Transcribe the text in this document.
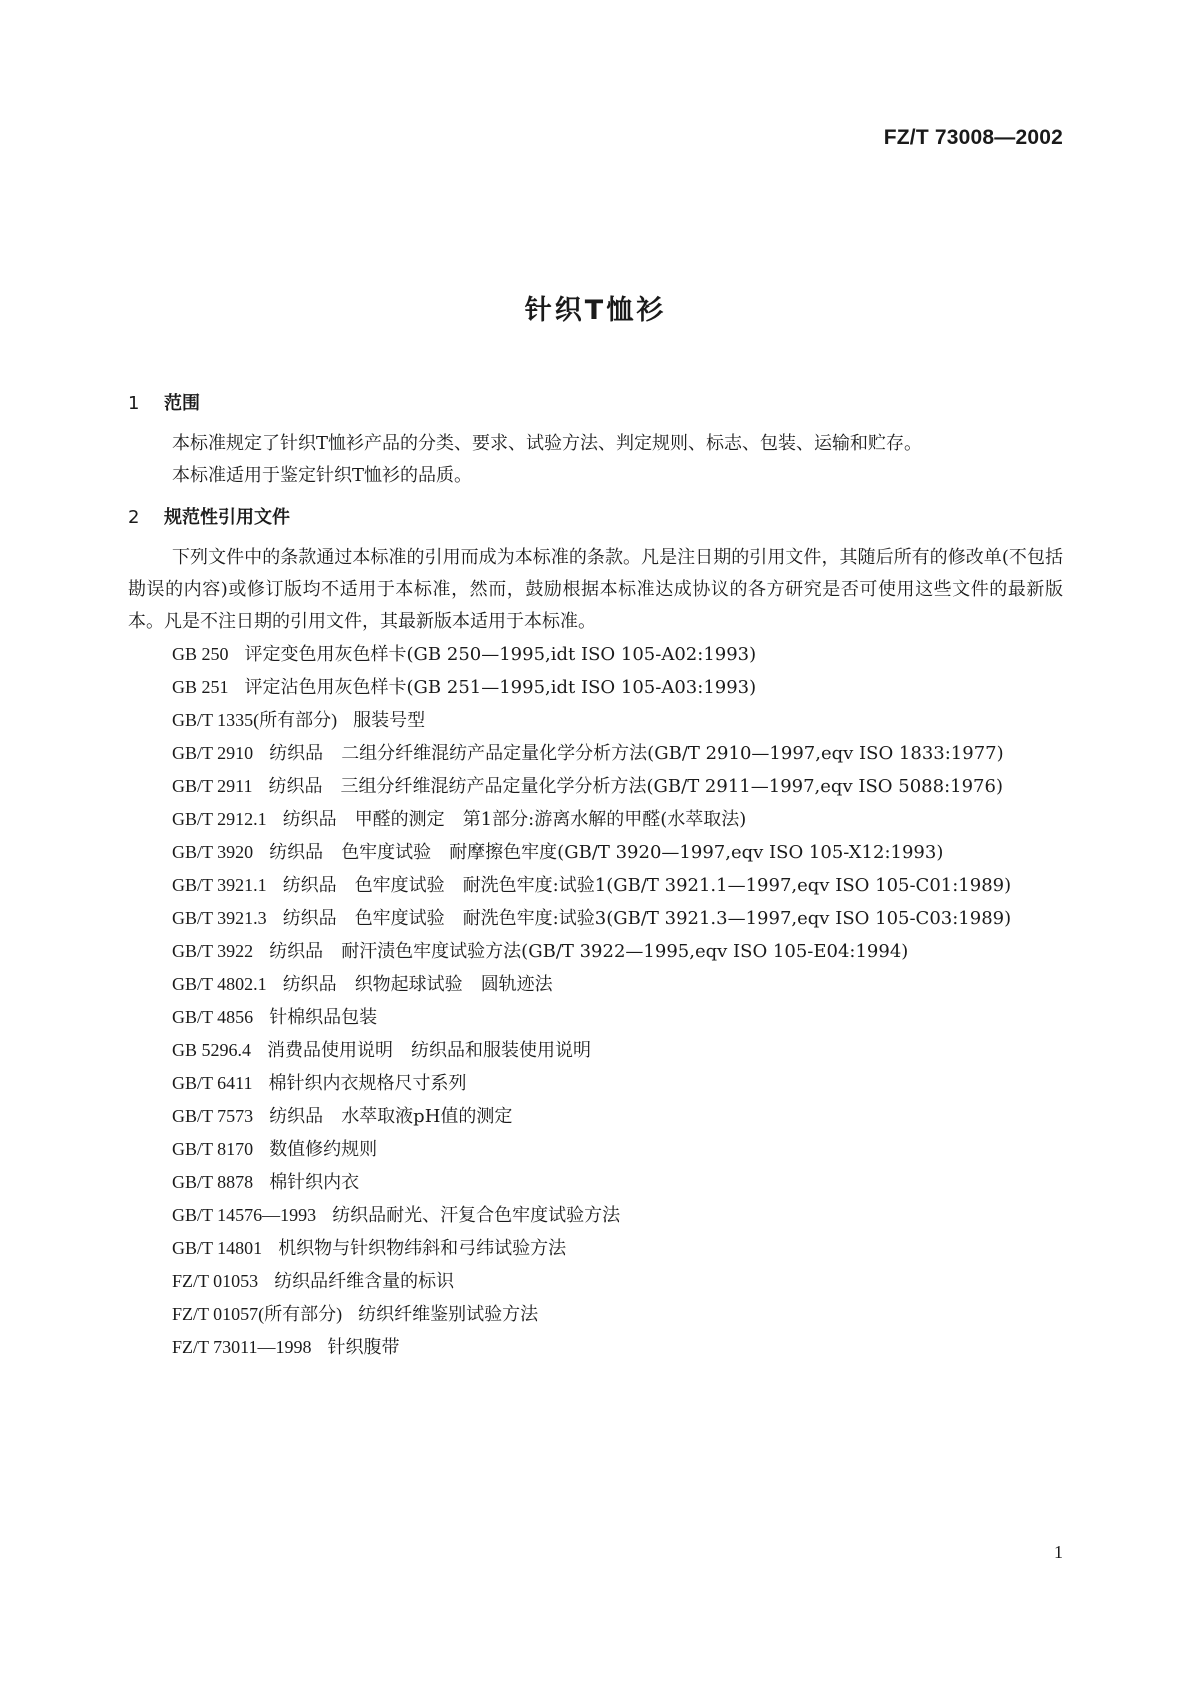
FZ/T 73008—2002
针织T恤衫
1 范围

本标准规定了针织T恤衫产品的分类、要求、试验方法、判定规则、标志、包装、运输和贮存。

本标准适用于鉴定针织T恤衫的品质。

2 规范性引用文件

下列文件中的条款通过本标准的引用而成为本标准的条款。凡是注日期的引用文件，其随后所有的修改单(不包括勘误的内容)或修订版均不适用于本标准，然而，鼓励根据本标准达成协议的各方研究是否可使用这些文件的最新版本。凡是不注日期的引用文件，其最新版本适用于本标准。

GB 250 评定变色用灰色样卡(GB 250—1995,idt ISO 105-A02:1993)

GB 251 评定沾色用灰色样卡(GB 251—1995,idt ISO 105-A03:1993)

GB/T 1335(所有部分) 服装号型

GB/T 2910 纺织品 二组分纤维混纺产品定量化学分析方法(GB/T 2910—1997,eqv ISO 1833:1977)

GB/T 2911 纺织品 三组分纤维混纺产品定量化学分析方法(GB/T 2911—1997,eqv ISO 5088:1976)

GB/T 2912.1 纺织品 甲醛的测定 第1部分:游离水解的甲醛(水萃取法)

GB/T 3920 纺织品 色牢度试验 耐摩擦色牢度(GB/T 3920—1997,eqv ISO 105-X12:1993)

GB/T 3921.1 纺织品 色牢度试验 耐洗色牢度:试验1(GB/T 3921.1—1997,eqv ISO 105-C01:1989)

GB/T 3921.3 纺织品 色牢度试验 耐洗色牢度:试验3(GB/T 3921.3—1997,eqv ISO 105-C03:1989)

GB/T 3922 纺织品 耐汗渍色牢度试验方法(GB/T 3922—1995,eqv ISO 105-E04:1994)

GB/T 4802.1 纺织品 织物起球试验 圆轨迹法

GB/T 4856 针棉织品包装

GB 5296.4 消费品使用说明 纺织品和服装使用说明

GB/T 6411 棉针织内衣规格尺寸系列

GB/T 7573 纺织品 水萃取液pH值的测定

GB/T 8170 数值修约规则

GB/T 8878 棉针织内衣

GB/T 14576—1993 纺织品耐光、汗复合色牢度试验方法

GB/T 14801 机织物与针织物纬斜和弓纬试验方法

FZ/T 01053 纺织品纤维含量的标识

FZ/T 01057(所有部分) 纺织纤维鉴别试验方法

FZ/T 73011—1998 针织腹带

1
